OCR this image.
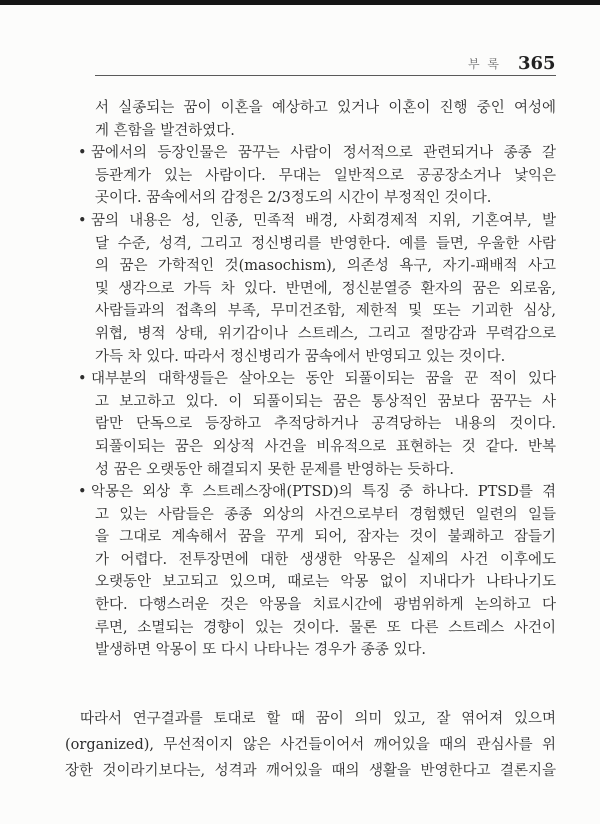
부 록 365
서 실종되는 꿈이 이혼을 예상하고 있거나 이혼이 진행 중인 여성에
게 흔함을 발견하였다.
• 꿈에서의 등장인물은 꿈꾸는 사람이 정서적으로 관련되거나 종종 갈
등관계가 있는 사람이다. 무대는 일반적으로 공공장소거나 낯익은
곳이다. 꿈속에서의 감정은 2/3정도의 시간이 부정적인 것이다.
• 꿈의 내용은 성, 인종, 민족적 배경, 사회경제적 지위, 기혼여부, 발
달 수준, 성격, 그리고 정신병리를 반영한다. 예를 들면, 우울한 사람
의 꿈은 가학적인 것(masochism), 의존성 욕구, 자기-패배적 사고
및 생각으로 가득 차 있다. 반면에, 정신분열증 환자의 꿈은 외로움,
사람들과의 접촉의 부족, 무미건조함, 제한적 및 또는 기괴한 심상,
위협, 병적 상태, 위기감이나 스트레스, 그리고 절망감과 무력감으로
가득 차 있다. 따라서 정신병리가 꿈속에서 반영되고 있는 것이다.
• 대부분의 대학생들은 살아오는 동안 되풀이되는 꿈을 꾼 적이 있다
고 보고하고 있다. 이 되풀이되는 꿈은 통상적인 꿈보다 꿈꾸는 사
람만 단독으로 등장하고 추적당하거나 공격당하는 내용의 것이다.
되풀이되는 꿈은 외상적 사건을 비유적으로 표현하는 것 같다. 반복
성 꿈은 오랫동안 해결되지 못한 문제를 반영하는 듯하다.
• 악몽은 외상 후 스트레스장애(PTSD)의 특징 중 하나다. PTSD를 겪
고 있는 사람들은 종종 외상의 사건으로부터 경험했던 일련의 일들
을 그대로 계속해서 꿈을 꾸게 되어, 잠자는 것이 불쾌하고 잠들기
가 어렵다. 전투장면에 대한 생생한 악몽은 실제의 사건 이후에도
오랫동안 보고되고 있으며, 때로는 악몽 없이 지내다가 나타나기도
한다. 다행스러운 것은 악몽을 치료시간에 광범위하게 논의하고 다
루면, 소멸되는 경향이 있는 것이다. 물론 또 다른 스트레스 사건이
발생하면 악몽이 또 다시 나타나는 경우가 종종 있다.
따라서 연구결과를 토대로 할 때 꿈이 의미 있고, 잘 엮어져 있으며
(organized), 무선적이지 않은 사건들이어서 깨어있을 때의 관심사를 위
장한 것이라기보다는, 성격과 깨어있을 때의 생활을 반영한다고 결론지을
